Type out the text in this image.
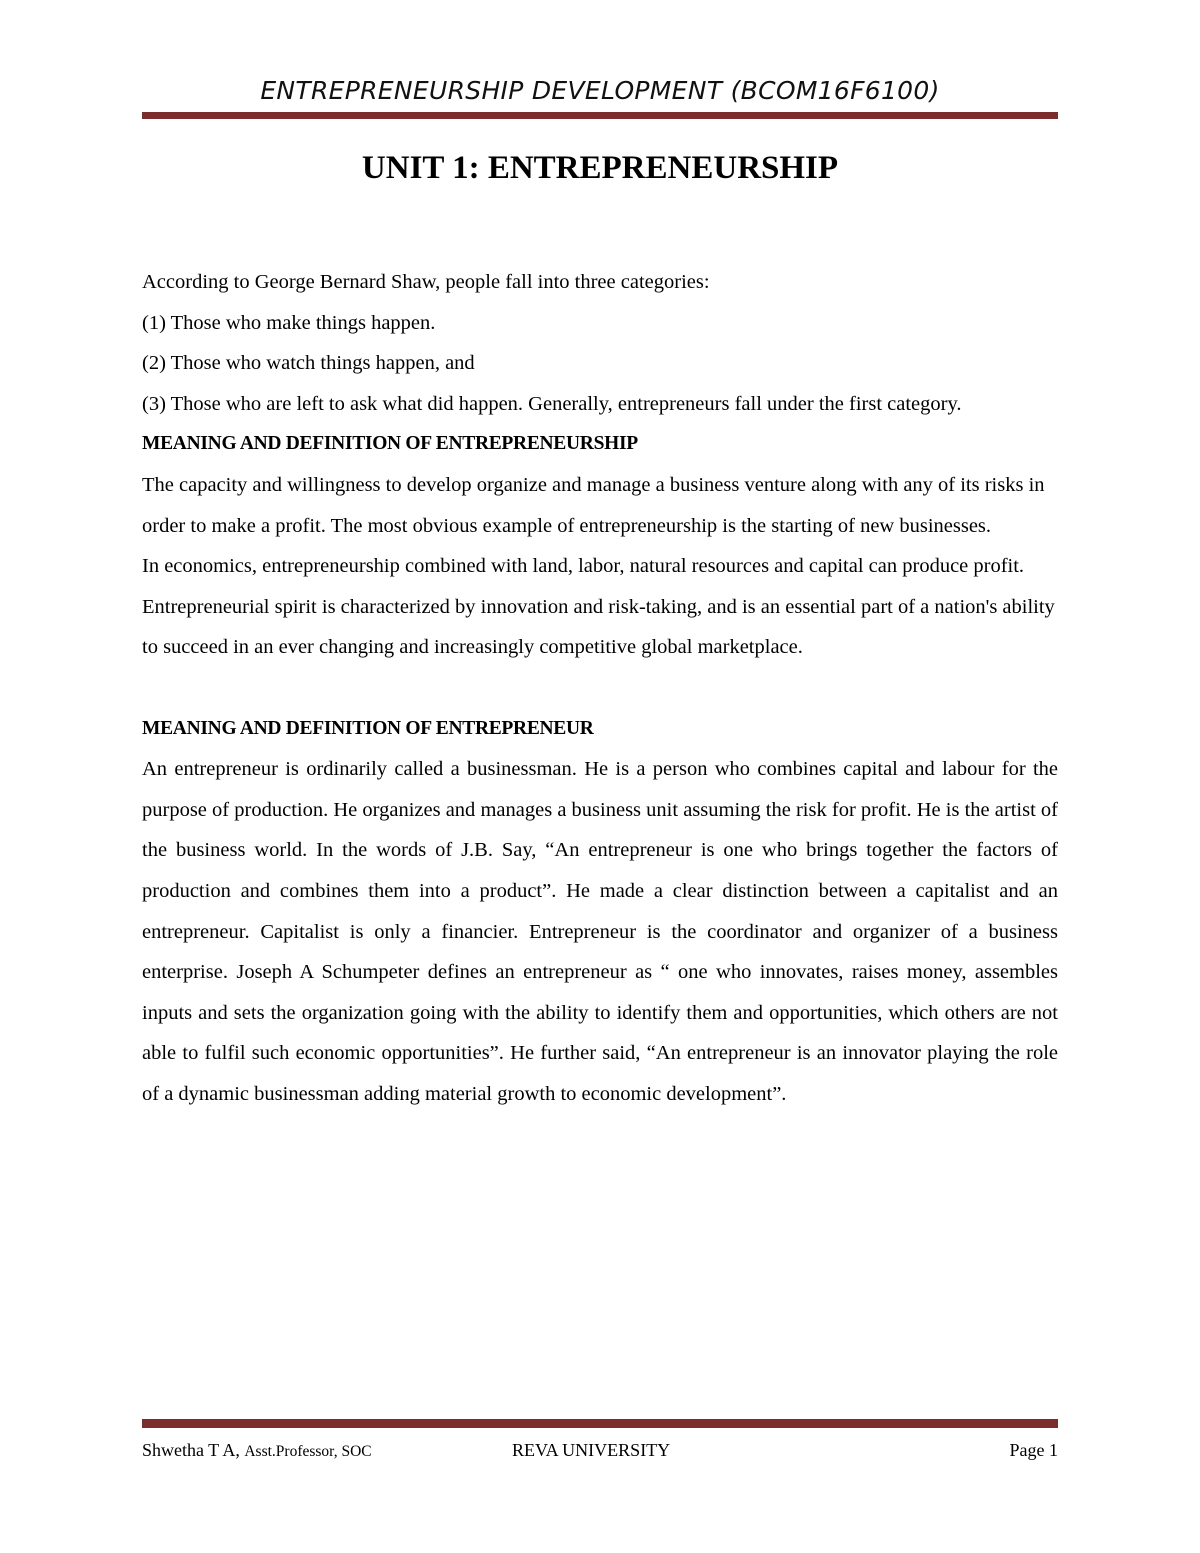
ENTREPRENEURSHIP DEVELOPMENT (BCOM16F6100)
UNIT 1: ENTREPRENEURSHIP

According to George Bernard Shaw, people fall into three categories:

(1) Those who make things happen.

(2) Those who watch things happen, and

(3) Those who are left to ask what did happen. Generally, entrepreneurs fall under the first category.

MEANING AND DEFINITION OF ENTREPRENEURSHIP

The capacity and willingness to develop organize and manage a business venture along with any of its risks in order to make a profit. The most obvious example of entrepreneurship is the starting of new businesses.

In economics, entrepreneurship combined with land, labor, natural resources and capital can produce profit. Entrepreneurial spirit is characterized by innovation and risk-taking, and is an essential part of a nation's ability to succeed in an ever changing and increasingly competitive global marketplace.

MEANING AND DEFINITION OF ENTREPRENEUR

An entrepreneur is ordinarily called a businessman. He is a person who combines capital and labour for the purpose of production. He organizes and manages a business unit assuming the risk for profit. He is the artist of the business world. In the words of J.B. Say, “An entrepreneur is one who brings together the factors of production and combines them into a product”. He made a clear distinction between a capitalist and an entrepreneur. Capitalist is only a financier. Entrepreneur is the coordinator and organizer of a business enterprise. Joseph A Schumpeter defines an entrepreneur as “ one who innovates, raises money, assembles inputs and sets the organization going with the ability to identify them and opportunities, which others are not able to fulfil such economic opportunities”. He further said, “An entrepreneur is an innovator playing the role of a dynamic businessman adding material growth to economic development”.

Shwetha T A, Asst.Professor, SOC	REVA UNIVERSITY	Page 1
